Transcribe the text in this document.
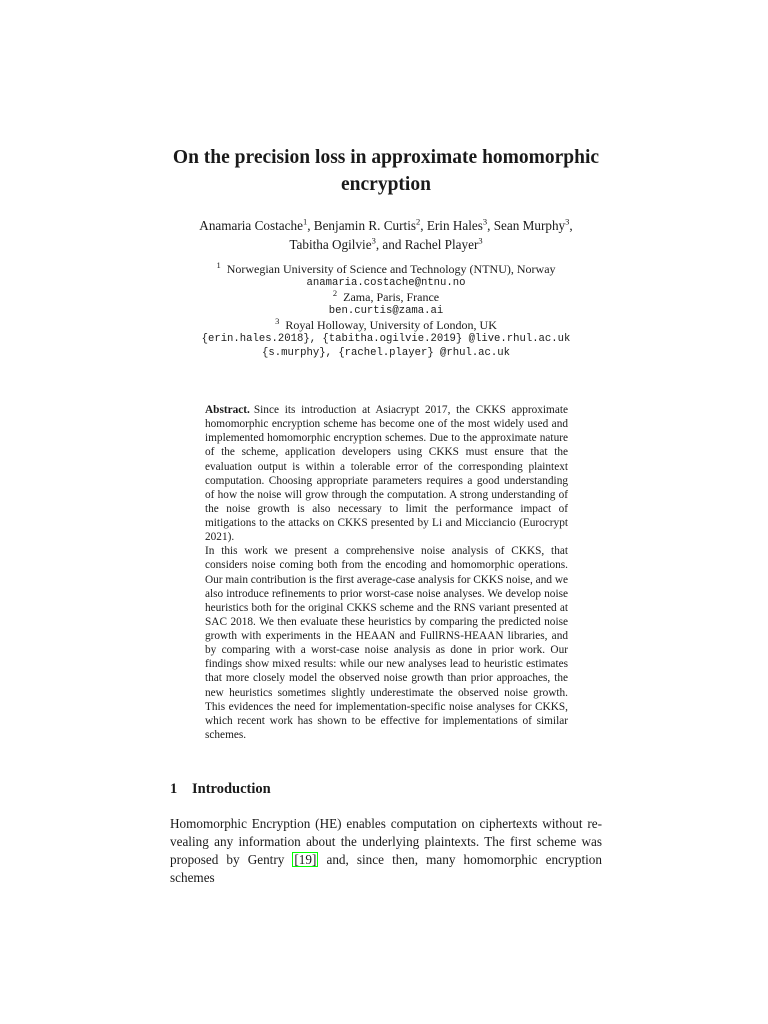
On the precision loss in approximate homomorphic
encryption
Anamaria Costache$^1$, Benjamin R. Curtis$^2$, Erin Hales$^3$, Sean Murphy$^3$,
Tabitha Ogilvie$^3$, and Rachel Player$^3$
$^1$ Norwegian University of Science and Technology (NTNU), Norway
anamaria.costache@ntnu.no
$^2$ Zama, Paris, France
ben.curtis@zama.ai
$^3$ Royal Holloway, University of London, UK
{erin.hales.2018}, {tabitha.ogilvie.2019} @live.rhul.ac.uk
{s.murphy}, {rachel.player} @rhul.ac.uk

Abstract. Since its introduction at Asiacrypt 2017, the CKKS approximate homomorphic encryption scheme has become one of the most widely used and implemented homomorphic encryption schemes. Due to the approximate nature of the scheme, application developers using CKKS must ensure that the evaluation output is within a tolerable error of the corresponding plaintext computation. Choosing appropriate parameters requires a good understanding of how the noise will grow through the computation. A strong understanding of the noise growth is also necessary to limit the performance impact of mitigations to the attacks on CKKS presented by Li and Micciancio (Eurocrypt 2021).

In this work we present a comprehensive noise analysis of CKKS, that considers noise coming both from the encoding and homomorphic operations. Our main contribution is the first average-case analysis for CKKS noise, and we also introduce refinements to prior worst-case noise analyses. We develop noise heuristics both for the original CKKS scheme and the RNS variant presented at SAC 2018. We then evaluate these heuristics by comparing the predicted noise growth with experiments in the HEAAN and FullRNS-HEAAN libraries, and by comparing with a worst-case noise analysis as done in prior work. Our findings show mixed results: while our new analyses lead to heuristic estimates that more closely model the observed noise growth than prior approaches, the new heuristics sometimes slightly underestimate the observed noise growth. This evidences the need for implementation-specific noise analyses for CKKS, which recent work has shown to be effective for implementations of similar schemes.

1 Introduction
Homomorphic Encryption (HE) enables computation on ciphertexts without re-
vealing any information about the underlying plaintexts. The first scheme was
proposed by Gentry [19] and, since then, many homomorphic encryption schemes
